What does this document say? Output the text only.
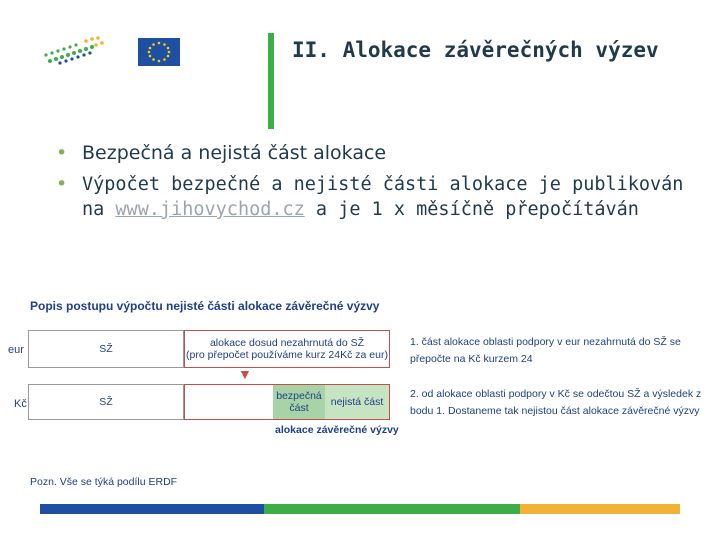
II. Alokace závěrečných výzev
• Bezpečná a nejistá část alokace
• Výpočet bezpečné a nejisté části alokace je publikován na www.jihovychod.cz a je 1 x měsíčně přepočítáván
Popis postupu výpočtu nejisté části alokace závěrečné výzvy
eur	SŽ	alokace dosud nezahrnutá do SŽ
(pro přepočet používáme kurz 24Kč za eur)
▼
Kč	SŽ	bezpečná část	nejistá část
alokace závěrečné výzvy
1. část alokace oblasti podpory v eur nezahrnutá do SŽ se
přepočte na Kč kurzem 24
2. od alokace oblasti podpory v Kč se odečtou SŽ a výsledek z
bodu 1. Dostaneme tak nejistou část alokace závěrečné výzvy
Pozn. Vše se týká podílu ERDF
